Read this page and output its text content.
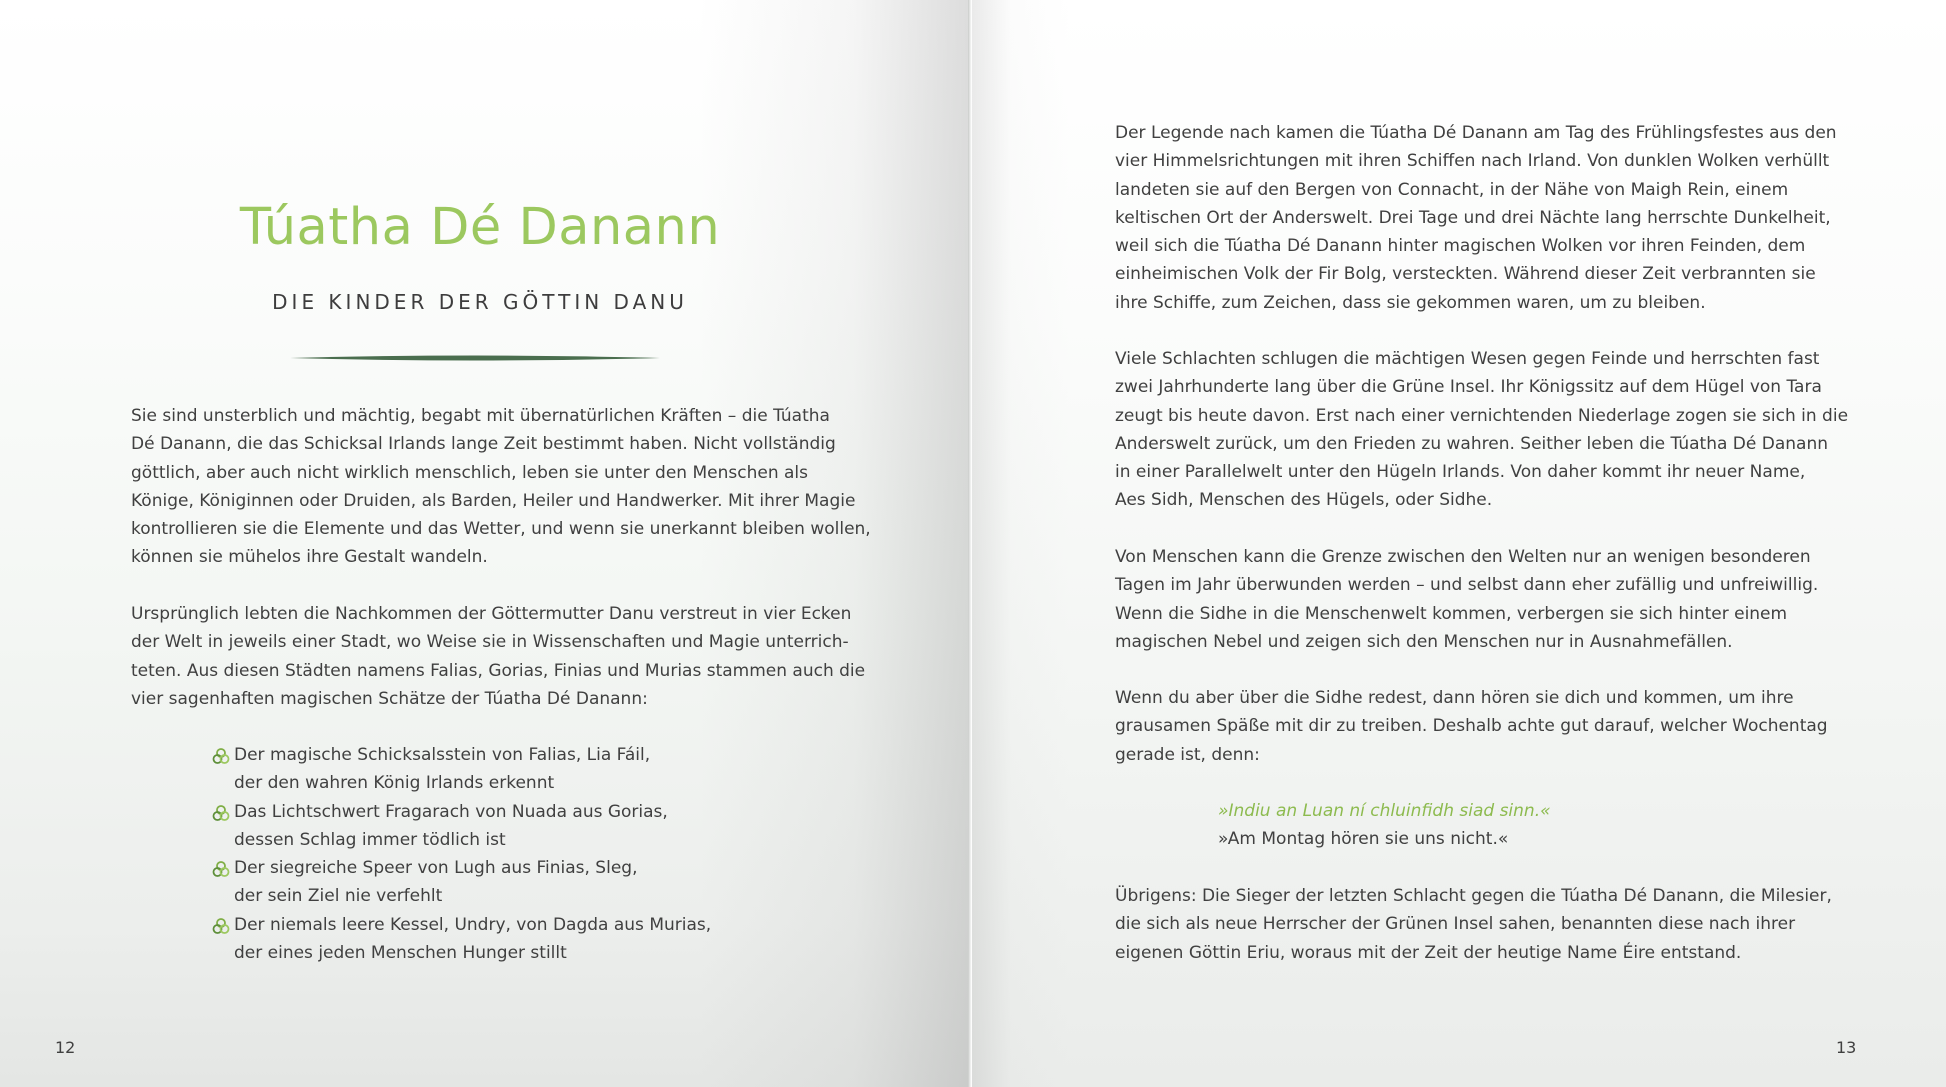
Túatha Dé Danann
DIE KINDER DER GÖTTIN DANU

Sie sind unsterblich und mächtig, begabt mit übernatürlichen Kräften – die Túatha

Dé Danann, die das Schicksal Irlands lange Zeit bestimmt haben. Nicht vollständig

göttlich, aber auch nicht wirklich menschlich, leben sie unter den Menschen als

Könige, Königinnen oder Druiden, als Barden, Heiler und Handwerker. Mit ihrer Magie

kontrollieren sie die Elemente und das Wetter, und wenn sie unerkannt bleiben wollen,

können sie mühelos ihre Gestalt wandeln.

Ursprünglich lebten die Nachkommen der Göttermutter Danu verstreut in vier Ecken

der Welt in jeweils einer Stadt, wo Weise sie in Wissenschaften und Magie unterrich-

teten. Aus diesen Städten namens Falias, Gorias, Finias und Murias stammen auch die

vier sagenhaften magischen Schätze der Túatha Dé Danann:

Der magische Schicksalsstein von Falias, Lia Fáil,
der den wahren König Irlands erkennt
Das Lichtschwert Fragarach von Nuada aus Gorias,
dessen Schlag immer tödlich ist
Der siegreiche Speer von Lugh aus Finias, Sleg,
der sein Ziel nie verfehlt
Der niemals leere Kessel, Undry, von Dagda aus Murias,
der eines jeden Menschen Hunger stillt
12

Der Legende nach kamen die Túatha Dé Danann am Tag des Frühlingsfestes aus den

vier Himmelsrichtungen mit ihren Schiffen nach Irland. Von dunklen Wolken verhüllt

landeten sie auf den Bergen von Connacht, in der Nähe von Maigh Rein, einem

keltischen Ort der Anderswelt. Drei Tage und drei Nächte lang herrschte Dunkelheit,

weil sich die Túatha Dé Danann hinter magischen Wolken vor ihren Feinden, dem

einheimischen Volk der Fir Bolg, versteckten. Während dieser Zeit verbrannten sie

ihre Schiffe, zum Zeichen, dass sie gekommen waren, um zu bleiben.

Viele Schlachten schlugen die mächtigen Wesen gegen Feinde und herrschten fast

zwei Jahrhunderte lang über die Grüne Insel. Ihr Königssitz auf dem Hügel von Tara

zeugt bis heute davon. Erst nach einer vernichtenden Niederlage zogen sie sich in die

Anderswelt zurück, um den Frieden zu wahren. Seither leben die Túatha Dé Danann

in einer Parallelwelt unter den Hügeln Irlands. Von daher kommt ihr neuer Name,

Aes Sidh, Menschen des Hügels, oder Sidhe.

Von Menschen kann die Grenze zwischen den Welten nur an wenigen besonderen

Tagen im Jahr überwunden werden – und selbst dann eher zufällig und unfreiwillig.

Wenn die Sidhe in die Menschenwelt kommen, verbergen sie sich hinter einem

magischen Nebel und zeigen sich den Menschen nur in Ausnahmefällen.

Wenn du aber über die Sidhe redest, dann hören sie dich und kommen, um ihre

grausamen Späße mit dir zu treiben. Deshalb achte gut darauf, welcher Wochentag

gerade ist, denn:

»Indiu an Luan ní chluinfidh siad sinn.«
»Am Montag hören sie uns nicht.«

Übrigens: Die Sieger der letzten Schlacht gegen die Túatha Dé Danann, die Milesier,

die sich als neue Herrscher der Grünen Insel sahen, benannten diese nach ihrer

eigenen Göttin Eriu, woraus mit der Zeit der heutige Name Éire entstand.

13
